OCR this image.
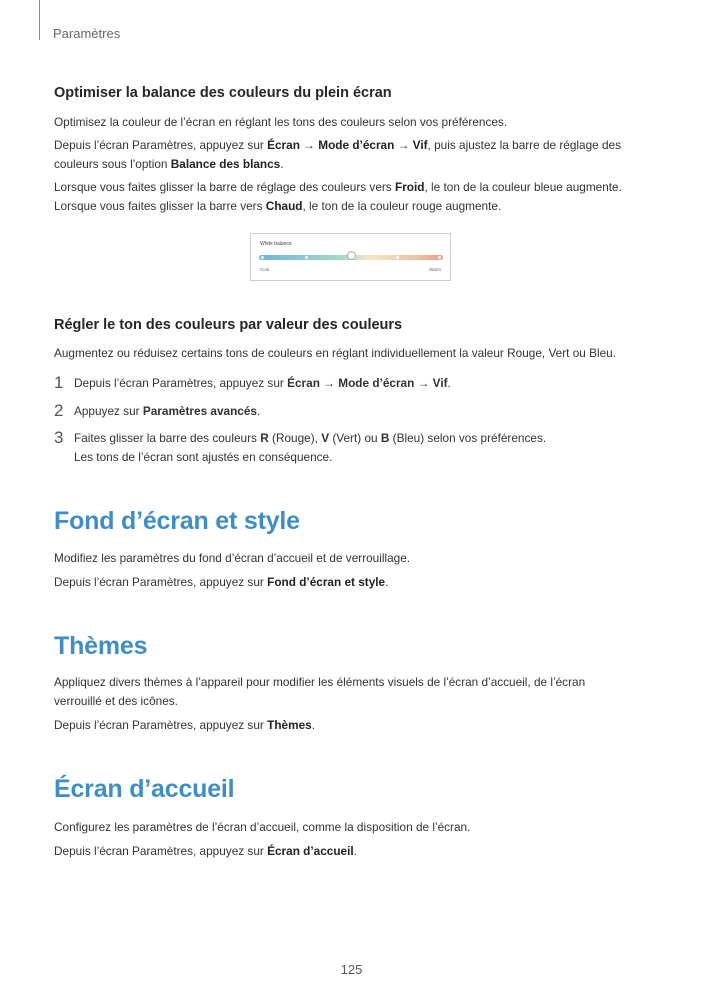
Paramètres
Optimiser la balance des couleurs du plein écran
Optimisez la couleur de l’écran en réglant les tons des couleurs selon vos préférences.
Depuis l’écran Paramètres, appuyez sur Écran → Mode d’écran → Vif, puis ajustez la barre de réglage des
couleurs sous l’option Balance des blancs.
Lorsque vous faites glisser la barre de réglage des couleurs vers Froid, le ton de la couleur bleue augmente.
Lorsque vous faites glisser la barre vers Chaud, le ton de la couleur rouge augmente.
White balance
Cool	Warm
Régler le ton des couleurs par valeur des couleurs
Augmentez ou réduisez certains tons de couleurs en réglant individuellement la valeur Rouge, Vert ou Bleu.
1 Depuis l’écran Paramètres, appuyez sur Écran → Mode d’écran → Vif.
2 Appuyez sur Paramètres avancés.
3 Faites glisser la barre des couleurs R (Rouge), V (Vert) ou B (Bleu) selon vos préférences.
Les tons de l’écran sont ajustés en conséquence.
Fond d’écran et style
Modifiez les paramètres du fond d’écran d’accueil et de verrouillage.
Depuis l’écran Paramètres, appuyez sur Fond d’écran et style.
Thèmes
Appliquez divers thèmes à l’appareil pour modifier les éléments visuels de l’écran d’accueil, de l’écran
verrouillé et des icônes.
Depuis l’écran Paramètres, appuyez sur Thèmes.
Écran d’accueil
Configurez les paramètres de l’écran d’accueil, comme la disposition de l’écran.
Depuis l’écran Paramètres, appuyez sur Écran d’accueil.
125
